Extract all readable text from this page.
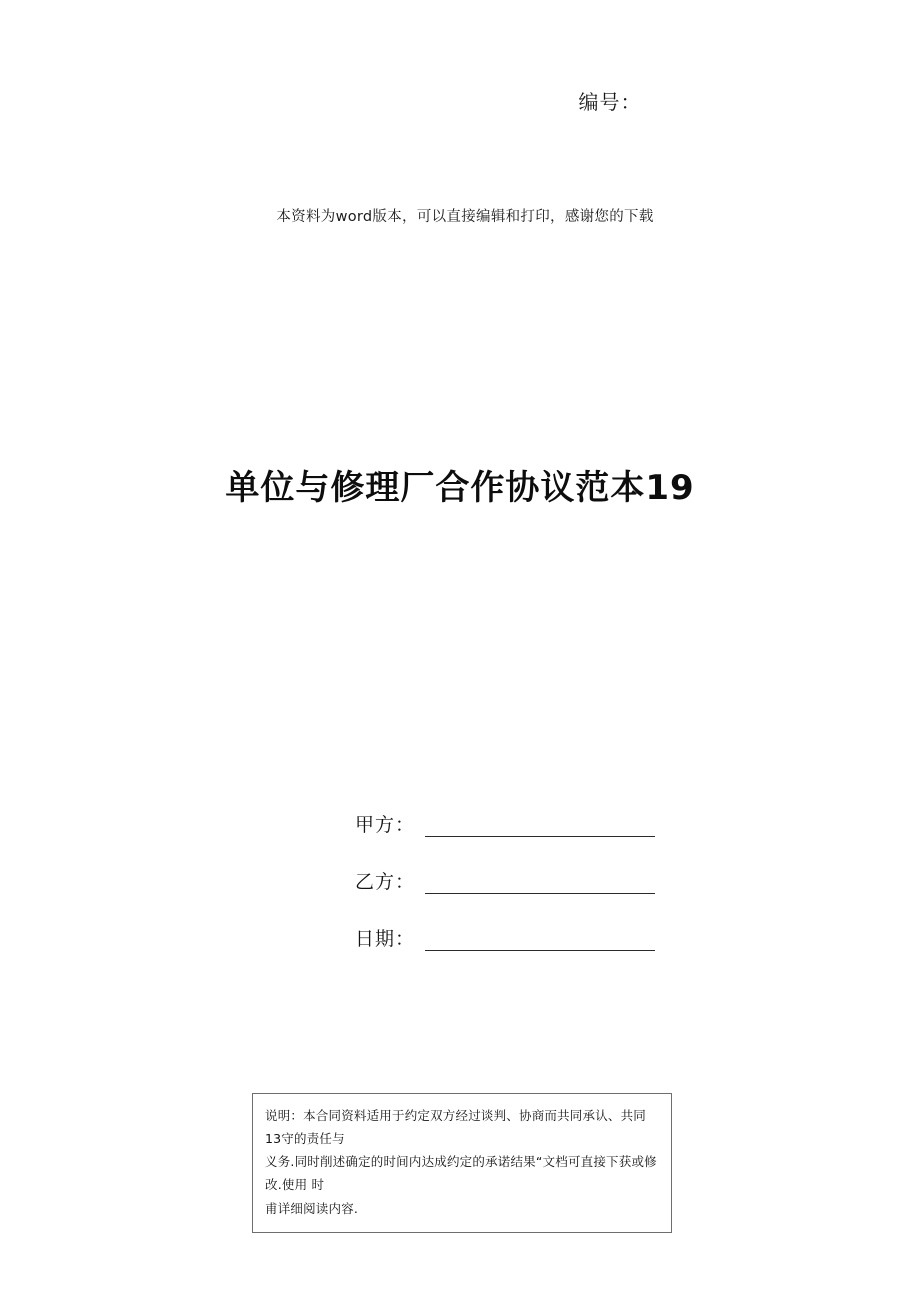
编号：
本资料为word版本，可以直接编辑和打印，感谢您的下载
单位与修理厂合作协议范本19
甲方：
乙方：
日期：

说明：本合同资料适用于约定双方经过谈判、协商而共同承认、共同13守的责任与

义务.同时削述确定的时间内达成约定的承诺结果“文档可直接下获或修改.使用 时

甫详细阅读内容.
